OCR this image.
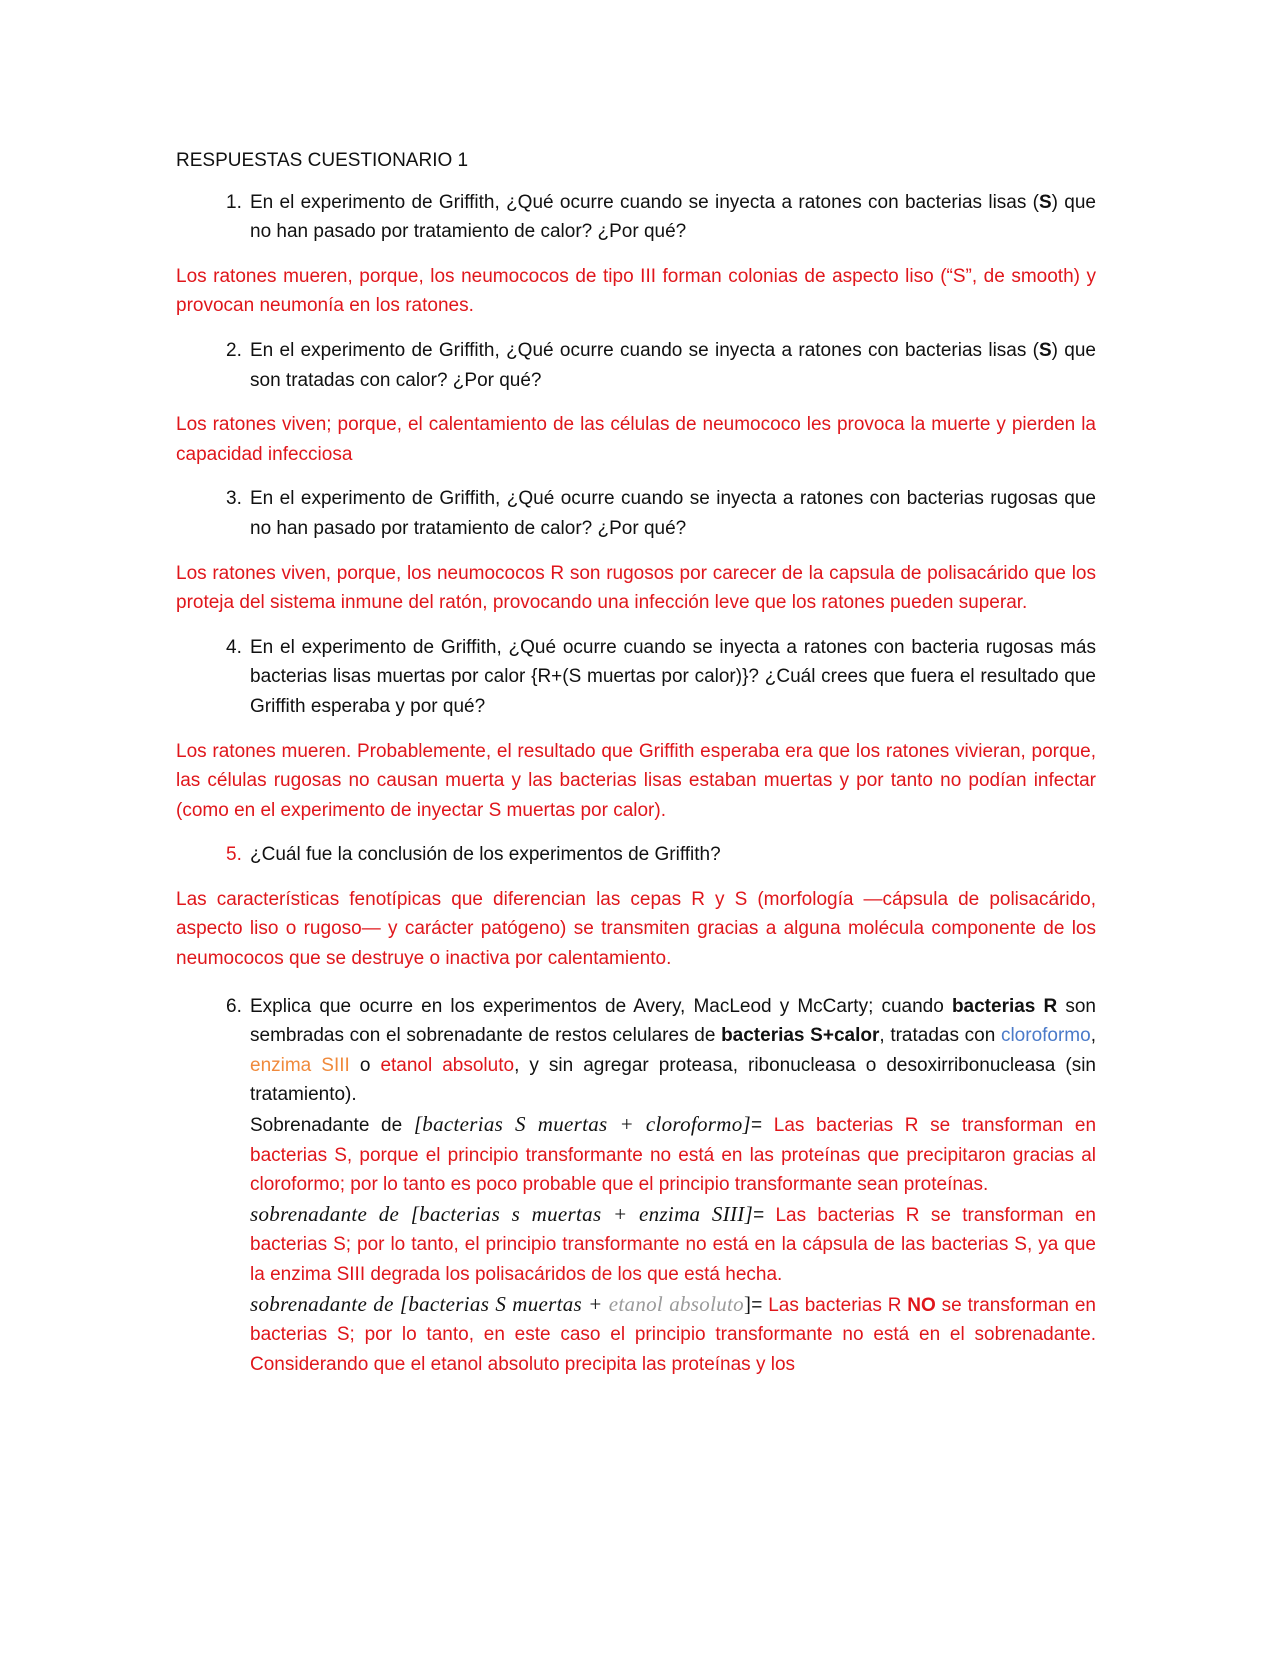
RESPUESTAS CUESTIONARIO 1
1. En el experimento de Griffith, ¿Qué ocurre cuando se inyecta a ratones con bacterias lisas (S) que no han pasado por tratamiento de calor? ¿Por qué?
Los ratones mueren, porque, los neumococos de tipo III forman colonias de aspecto liso (“S”, de smooth) y provocan neumonía en los ratones.
2. En el experimento de Griffith, ¿Qué ocurre cuando se inyecta a ratones con bacterias lisas (S) que son tratadas con calor? ¿Por qué?
Los ratones viven; porque, el calentamiento de las células de neumococo les provoca la muerte y pierden la capacidad infecciosa
3. En el experimento de Griffith, ¿Qué ocurre cuando se inyecta a ratones con bacterias rugosas que no han pasado por tratamiento de calor? ¿Por qué?
Los ratones viven, porque, los neumococos R son rugosos por carecer de la capsula de polisacárido que los proteja del sistema inmune del ratón, provocando una infección leve que los ratones pueden superar.
4. En el experimento de Griffith, ¿Qué ocurre cuando se inyecta a ratones con bacteria rugosas más bacterias lisas muertas por calor {R+(S muertas por calor)}? ¿Cuál crees que fuera el resultado que Griffith esperaba y por qué?
Los ratones mueren. Probablemente, el resultado que Griffith esperaba era que los ratones vivieran, porque, las células rugosas no causan muerta y las bacterias lisas estaban muertas y por tanto no podían infectar (como en el experimento de inyectar S muertas por calor).
5. ¿Cuál fue la conclusión de los experimentos de Griffith?
Las características fenotípicas que diferencian las cepas R y S (morfología —cápsula de polisacárido, aspecto liso o rugoso— y carácter patógeno) se transmiten gracias a alguna molécula componente de los neumococos que se destruye o inactiva por calentamiento.
6. Explica que ocurre en los experimentos de Avery, MacLeod y McCarty; cuando bacterias R son sembradas con el sobrenadante de restos celulares de bacterias S+calor, tratadas con cloroformo, enzima SIII o etanol absoluto, y sin agregar proteasa, ribonucleasa o desoxirribonucleasa (sin tratamiento).
Sobrenadante de [bacterias S muertas + cloroformo]= Las bacterias R se transforman en bacterias S, porque el principio transformante no está en las proteínas que precipitaron gracias al cloroformo; por lo tanto es poco probable que el principio transformante sean proteínas.
sobrenadante de [bacterias s muertas + enzima SIII]= Las bacterias R se transforman en bacterias S; por lo tanto, el principio transformante no está en la cápsula de las bacterias S, ya que la enzima SIII degrada los polisacáridos de los que está hecha.
sobrenadante de [bacterias S muertas + etanol absoluto]= Las bacterias R NO se transforman en bacterias S; por lo tanto, en este caso el principio transformante no está en el sobrenadante. Considerando que el etanol absoluto precipita las proteínas y los
